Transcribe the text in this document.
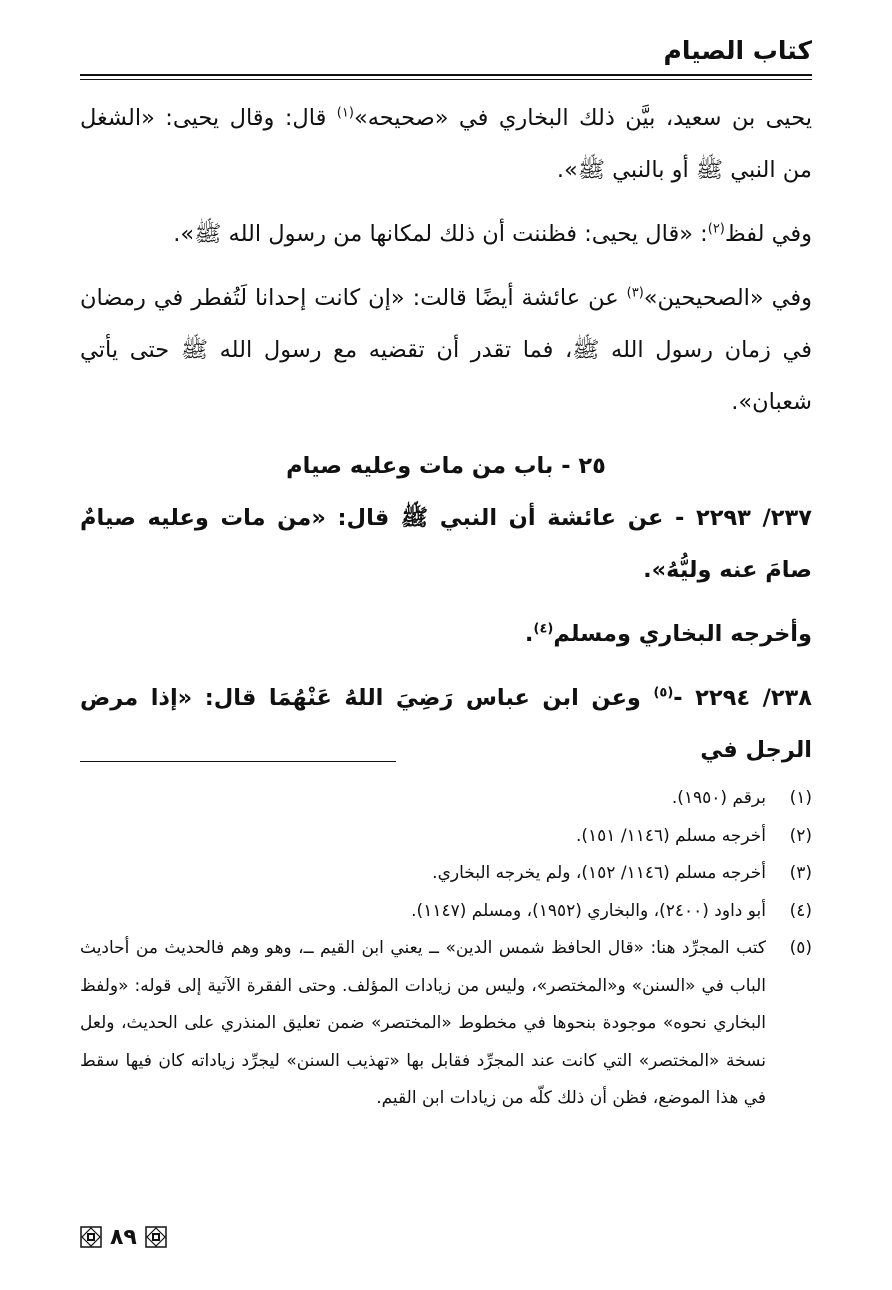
كتاب الصيام

يحيى بن سعيد، بيَّن ذلك البخاري في «صحيحه»$^{(١)}$ قال: وقال يحيى: «الشغل من النبي ﷺ أو بالنبي ﷺ».

وفي لفظ$^{(٢)}$: «قال يحيى: فظننت أن ذلك لمكانها من رسول الله ﷺ».

وفي «الصحيحين»$^{(٣)}$ عن عائشة أيضًا قالت: «إن كانت إحدانا لَتُفطر في رمضان في زمان رسول الله ﷺ، فما تقدر أن تقضيه مع رسول الله ﷺ حتى يأتي شعبان».

٢٥ - باب من مات وعليه صيام

٢٣٧/ ٢٢٩٣ - عن عائشة أن النبي ﷺ قال: «من مات وعليه صيامٌ صامَ عنه وليُّهُ».

وأخرجه البخاري ومسلم$^{(٤)}$.

٢٣٨/ ٢٢٩٤ -$^{(٥)}$ وعن ابن عباس رَضِيَ اللهُ عَنْهُمَا قال: «إذا مرض الرجل في

(١)
برقم (١٩٥٠).
(٢)
أخرجه مسلم (١١٤٦/ ١٥١).
(٣)
أخرجه مسلم (١١٤٦/ ١٥٢)، ولم يخرجه البخاري.
(٤)
أبو داود (٢٤٠٠)، والبخاري (١٩٥٢)، ومسلم (١١٤٧).
(٥)
كتب المجرِّد هنا: «قال الحافظ شمس الدين» ــ يعني ابن القيم ــ، وهو وهم فالحديث من أحاديث الباب في «السنن» و«المختصر»، وليس من زيادات المؤلف. وحتى الفقرة الآتية إلى قوله: «ولفظ البخاري نحوه» موجودة بنحوها في مخطوط «المختصر» ضمن تعليق المنذري على الحديث، ولعل نسخة «المختصر» التي كانت عند المجرِّد فقابل بها «تهذيب السنن» ليجرِّد زياداته كان فيها سقط في هذا الموضع، فظن أن ذلك كلّه من زيادات ابن القيم.
٨٩
